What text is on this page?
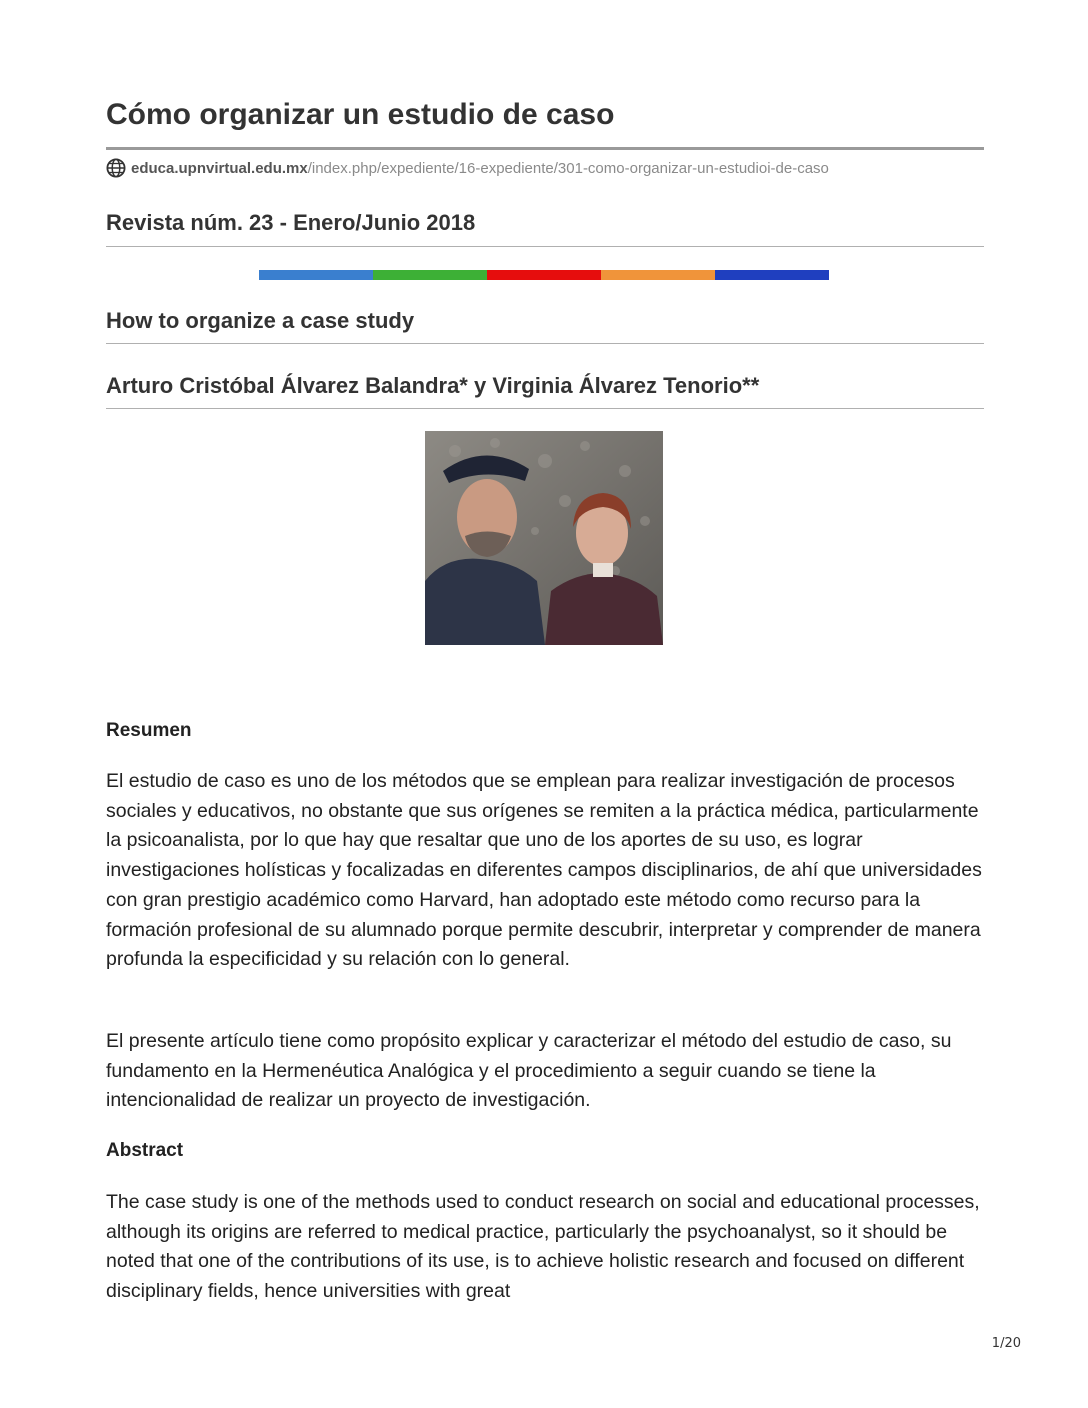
Cómo organizar un estudio de caso
educa.upnvirtual.edu.mx /index.php/expediente/16-expediente/301-como-organizar-un-estudioi-de-caso
Revista núm. 23 - Enero/Junio 2018
How to organize a case study
Arturo Cristóbal Álvarez Balandra* y Virginia Álvarez Tenorio**
Resumen

El estudio de caso es uno de los métodos que se emplean para realizar investigación de procesos sociales y educativos, no obstante que sus orígenes se remiten a la práctica médica, particularmente la psicoanalista, por lo que hay que resaltar que uno de los aportes de su uso, es lograr investigaciones holísticas y focalizadas en diferentes campos disciplinarios, de ahí que universidades con gran prestigio académico como Harvard, han adoptado este método como recurso para la formación profesional de su alumnado porque permite descubrir, interpretar y comprender de manera profunda la especificidad y su relación con lo general.

El presente artículo tiene como propósito explicar y caracterizar el método del estudio de caso, su fundamento en la Hermenéutica Analógica y el procedimiento a seguir cuando se tiene la intencionalidad de realizar un proyecto de investigación.

Abstract

The case study is one of the methods used to conduct research on social and educational processes, although its origins are referred to medical practice, particularly the psychoanalyst, so it should be noted that one of the contributions of its use, is to achieve holistic research and focused on different disciplinary fields, hence universities with great

1/20
